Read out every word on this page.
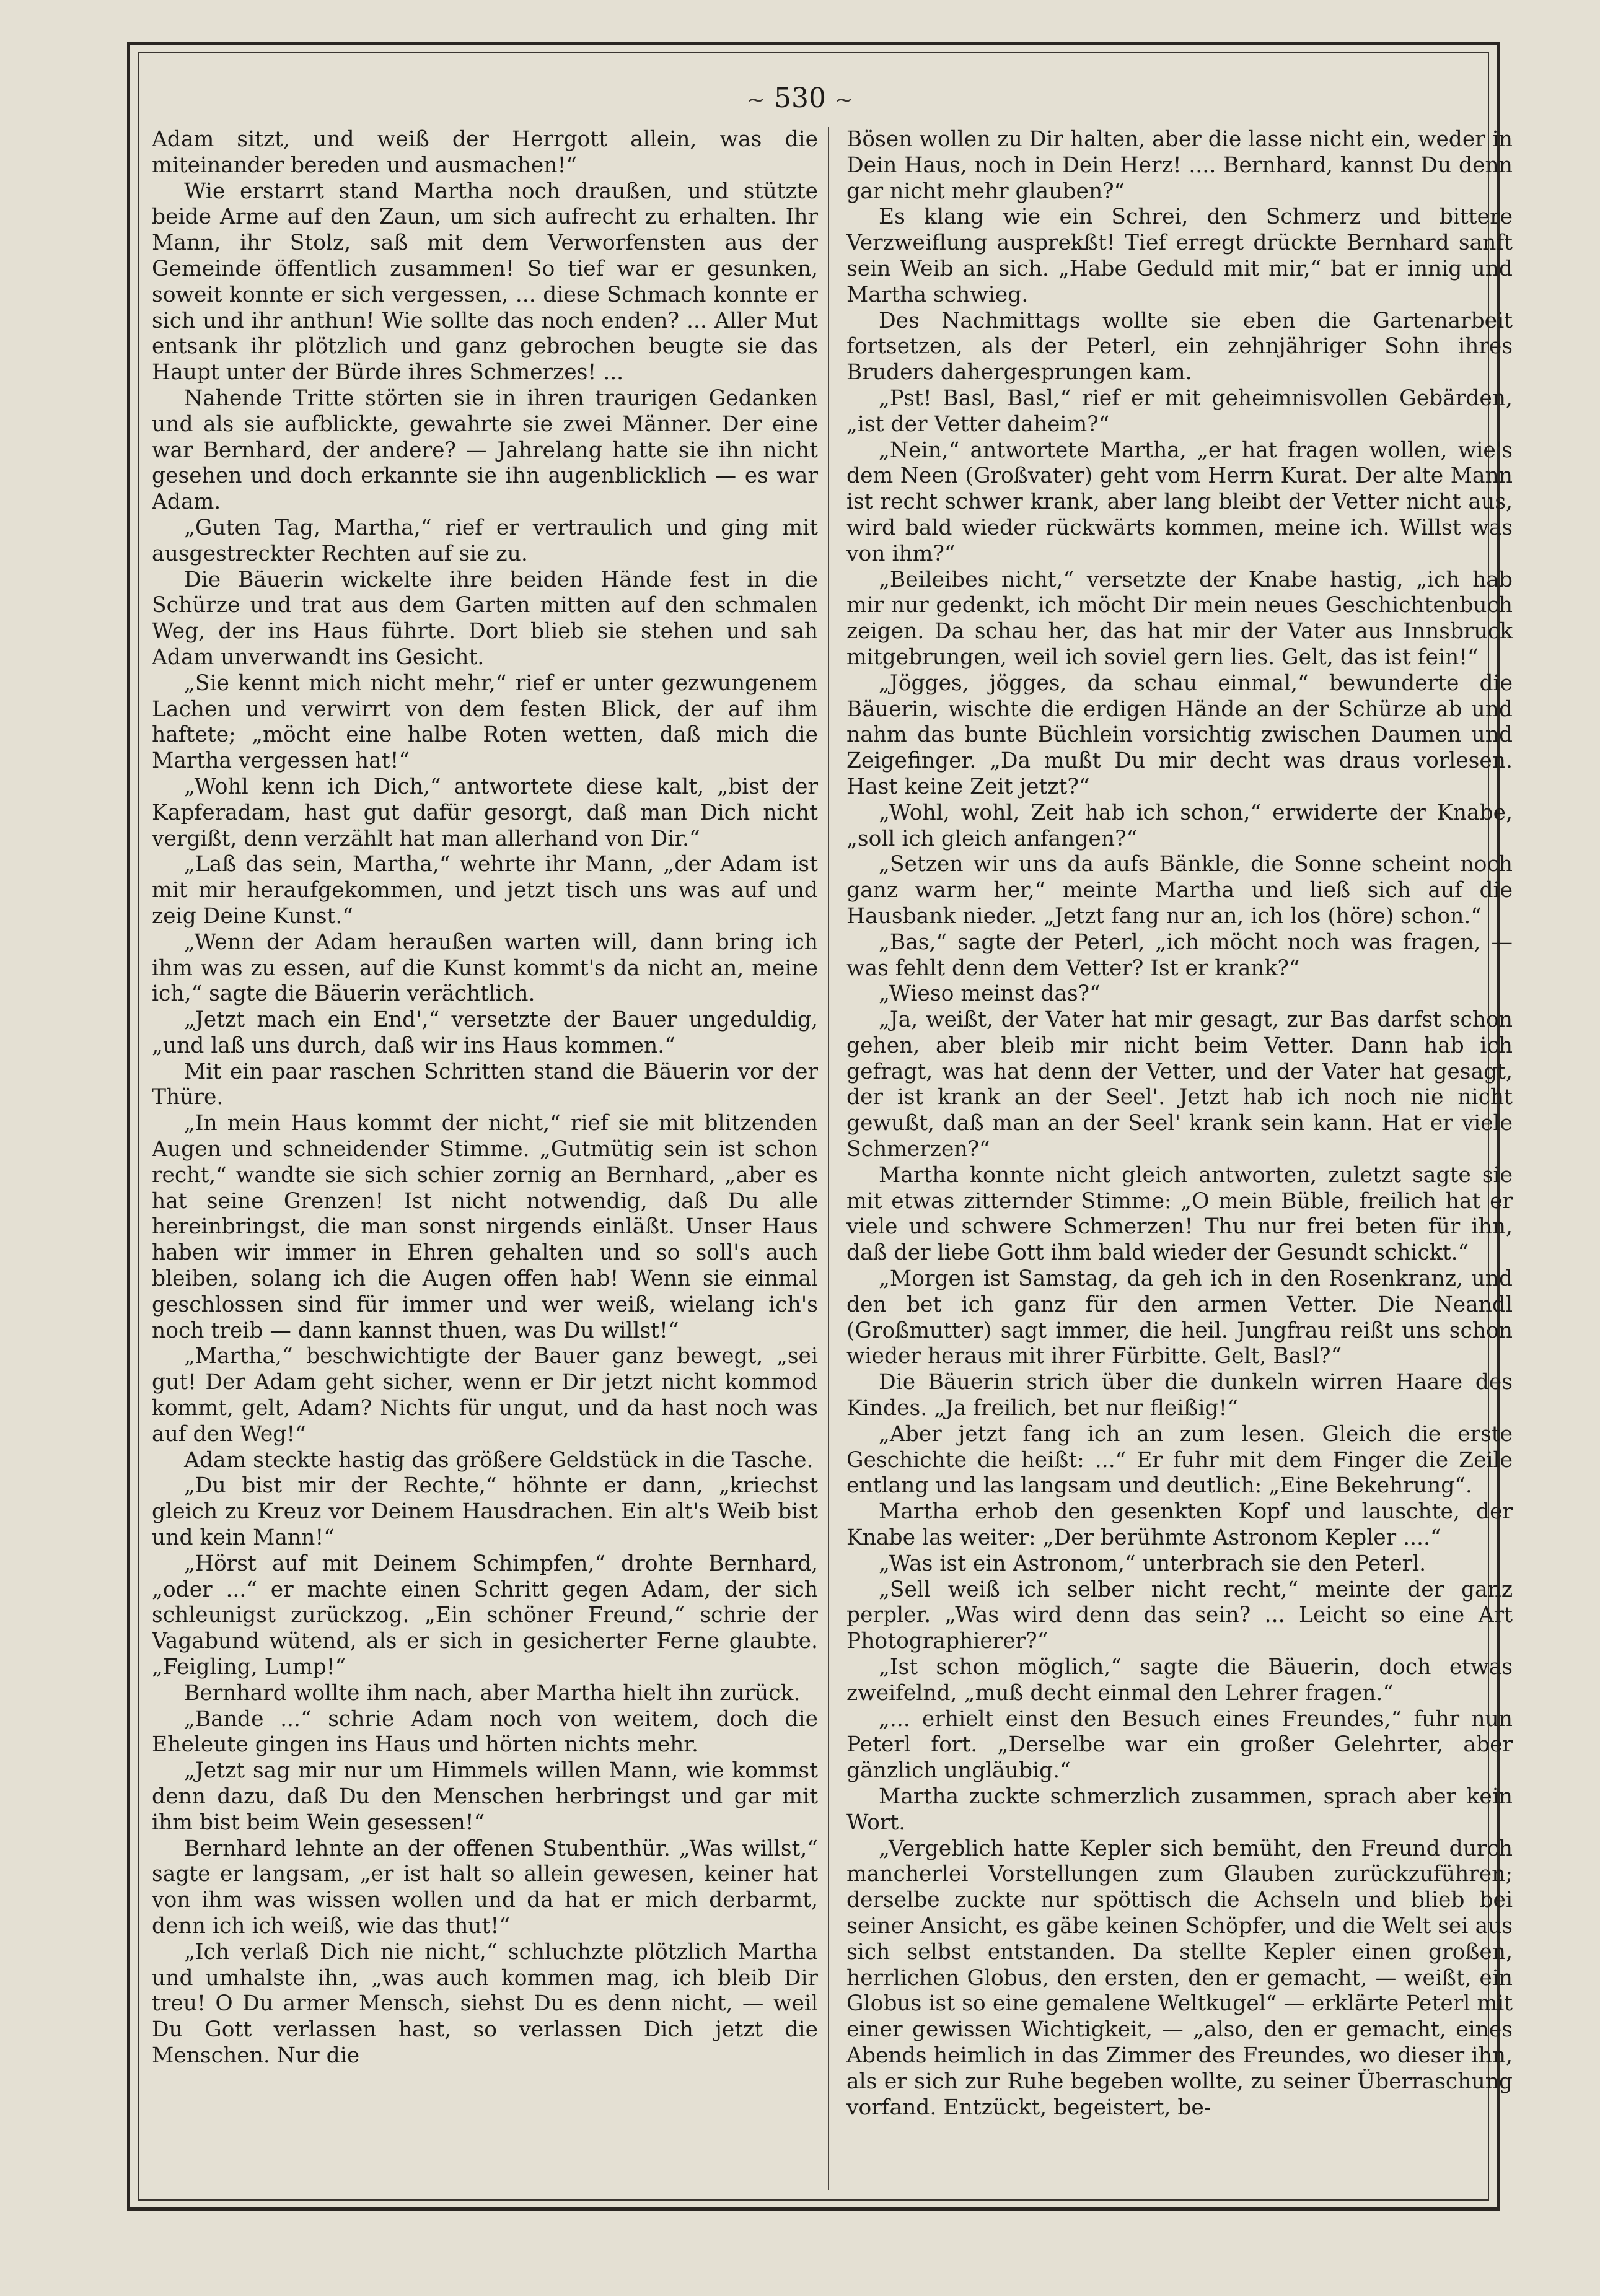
~ 530 ~

Adam sitzt, und weiß der Herrgott allein, was die miteinander bereden und ausmachen!“

Wie erstarrt stand Martha noch draußen, und stützte beide Arme auf den Zaun, um sich aufrecht zu erhalten. Ihr Mann, ihr Stolz, saß mit dem Verworfensten aus der Gemeinde öffentlich zusammen! So tief war er gesunken, soweit konnte er sich vergessen, ... diese Schmach konnte er sich und ihr anthun! Wie sollte das noch enden? ... Aller Mut entsank ihr plötzlich und ganz gebrochen beugte sie das Haupt unter der Bürde ihres Schmerzes! ...

Nahende Tritte störten sie in ihren traurigen Gedanken und als sie aufblickte, gewahrte sie zwei Männer. Der eine war Bernhard, der andere? — Jahrelang hatte sie ihn nicht gesehen und doch erkannte sie ihn augenblicklich — es war Adam.

„Guten Tag, Martha,“ rief er vertraulich und ging mit ausgestreckter Rechten auf sie zu.

Die Bäuerin wickelte ihre beiden Hände fest in die Schürze und trat aus dem Garten mitten auf den schmalen Weg, der ins Haus führte. Dort blieb sie stehen und sah Adam unverwandt ins Gesicht.

„Sie kennt mich nicht mehr,“ rief er unter gezwungenem Lachen und verwirrt von dem festen Blick, der auf ihm haftete; „möcht eine halbe Roten wetten, daß mich die Martha vergessen hat!“

„Wohl kenn ich Dich,“ antwortete diese kalt, „bist der Kapferadam, hast gut dafür gesorgt, daß man Dich nicht vergißt, denn verzählt hat man allerhand von Dir.“

„Laß das sein, Martha,“ wehrte ihr Mann, „der Adam ist mit mir heraufgekommen, und jetzt tisch uns was auf und zeig Deine Kunst.“

„Wenn der Adam heraußen warten will, dann bring ich ihm was zu essen, auf die Kunst kommt's da nicht an, meine ich,“ sagte die Bäuerin verächtlich.

„Jetzt mach ein End',“ versetzte der Bauer ungeduldig, „und laß uns durch, daß wir ins Haus kommen.“

Mit ein paar raschen Schritten stand die Bäuerin vor der Thüre.

„In mein Haus kommt der nicht,“ rief sie mit blitzenden Augen und schneidender Stimme. „Gutmütig sein ist schon recht,“ wandte sie sich schier zornig an Bernhard, „aber es hat seine Grenzen! Ist nicht notwendig, daß Du alle hereinbringst, die man sonst nirgends einläßt. Unser Haus haben wir immer in Ehren gehalten und so soll's auch bleiben, solang ich die Augen offen hab! Wenn sie einmal geschlossen sind für immer und wer weiß, wielang ich's noch treib — dann kannst thuen, was Du willst!“

„Martha,“ beschwichtigte der Bauer ganz bewegt, „sei gut! Der Adam geht sicher, wenn er Dir jetzt nicht kommod kommt, gelt, Adam? Nichts für ungut, und da hast noch was auf den Weg!“

Adam steckte hastig das größere Geldstück in die Tasche.

„Du bist mir der Rechte,“ höhnte er dann, „kriechst gleich zu Kreuz vor Deinem Hausdrachen. Ein alt's Weib bist und kein Mann!“

„Hörst auf mit Deinem Schimpfen,“ drohte Bernhard, „oder ...“ er machte einen Schritt gegen Adam, der sich schleunigst zurückzog. „Ein schöner Freund,“ schrie der Vagabund wütend, als er sich in gesicherter Ferne glaubte. „Feigling, Lump!“

Bernhard wollte ihm nach, aber Martha hielt ihn zurück.

„Bande ...“ schrie Adam noch von weitem, doch die Eheleute gingen ins Haus und hörten nichts mehr.

„Jetzt sag mir nur um Himmels willen Mann, wie kommst denn dazu, daß Du den Menschen herbringst und gar mit ihm bist beim Wein gesessen!“

Bernhard lehnte an der offenen Stubenthür. „Was willst,“ sagte er langsam, „er ist halt so allein gewesen, keiner hat von ihm was wissen wollen und da hat er mich derbarmt, denn ich ich weiß, wie das thut!“

„Ich verlaß Dich nie nicht,“ schluchzte plötzlich Martha und umhalste ihn, „was auch kommen mag, ich bleib Dir treu! O Du armer Mensch, siehst Du es denn nicht, — weil Du Gott verlassen hast, so verlassen Dich jetzt die Menschen. Nur die

Bösen wollen zu Dir halten, aber die lasse nicht ein, weder in Dein Haus, noch in Dein Herz! .... Bernhard, kannst Du denn gar nicht mehr glauben?“

Es klang wie ein Schrei, den Schmerz und bittere Verzweiflung ausprekßt! Tief erregt drückte Bernhard sanft sein Weib an sich. „Habe Geduld mit mir,“ bat er innig und Martha schwieg.

Des Nachmittags wollte sie eben die Gartenarbeit fortsetzen, als der Peterl, ein zehnjähriger Sohn ihres Bruders dahergesprungen kam.

„Pst! Basl, Basl,“ rief er mit geheimnisvollen Gebärden, „ist der Vetter daheim?“

„Nein,“ antwortete Martha, „er hat fragen wollen, wie's dem Neen (Großvater) geht vom Herrn Kurat. Der alte Mann ist recht schwer krank, aber lang bleibt der Vetter nicht aus, wird bald wieder rückwärts kommen, meine ich. Willst was von ihm?“

„Beileibes nicht,“ versetzte der Knabe hastig, „ich hab mir nur gedenkt, ich möcht Dir mein neues Geschichtenbuch zeigen. Da schau her, das hat mir der Vater aus Innsbruck mitgebrungen, weil ich soviel gern lies. Gelt, das ist fein!“

„Jögges, jögges, da schau einmal,“ bewunderte die Bäuerin, wischte die erdigen Hände an der Schürze ab und nahm das bunte Büchlein vorsichtig zwischen Daumen und Zeigefinger. „Da mußt Du mir decht was draus vorlesen. Hast keine Zeit jetzt?“

„Wohl, wohl, Zeit hab ich schon,“ erwiderte der Knabe, „soll ich gleich anfangen?“

„Setzen wir uns da aufs Bänkle, die Sonne scheint noch ganz warm her,“ meinte Martha und ließ sich auf die Hausbank nieder. „Jetzt fang nur an, ich los (höre) schon.“

„Bas,“ sagte der Peterl, „ich möcht noch was fragen, — was fehlt denn dem Vetter? Ist er krank?“

„Wieso meinst das?“

„Ja, weißt, der Vater hat mir gesagt, zur Bas darfst schon gehen, aber bleib mir nicht beim Vetter. Dann hab ich gefragt, was hat denn der Vetter, und der Vater hat gesagt, der ist krank an der Seel'. Jetzt hab ich noch nie nicht gewußt, daß man an der Seel' krank sein kann. Hat er viele Schmerzen?“

Martha konnte nicht gleich antworten, zuletzt sagte sie mit etwas zitternder Stimme: „O mein Büble, freilich hat er viele und schwere Schmerzen! Thu nur frei beten für ihn, daß der liebe Gott ihm bald wieder der Gesundt schickt.“

„Morgen ist Samstag, da geh ich in den Rosenkranz, und den bet ich ganz für den armen Vetter. Die Neandl (Großmutter) sagt immer, die heil. Jungfrau reißt uns schon wieder heraus mit ihrer Fürbitte. Gelt, Basl?“

Die Bäuerin strich über die dunkeln wirren Haare des Kindes. „Ja freilich, bet nur fleißig!“

„Aber jetzt fang ich an zum lesen. Gleich die erste Geschichte die heißt: ...“ Er fuhr mit dem Finger die Zeile entlang und las langsam und deutlich: „Eine Bekehrung“.

Martha erhob den gesenkten Kopf und lauschte, der Knabe las weiter: „Der berühmte Astronom Kepler ....“

„Was ist ein Astronom,“ unterbrach sie den Peterl.

„Sell weiß ich selber nicht recht,“ meinte der ganz perpler. „Was wird denn das sein? ... Leicht so eine Art Photographierer?“

„Ist schon möglich,“ sagte die Bäuerin, doch etwas zweifelnd, „muß decht einmal den Lehrer fragen.“

„... erhielt einst den Besuch eines Freundes,“ fuhr nun Peterl fort. „Derselbe war ein großer Gelehrter, aber gänzlich ungläubig.“

Martha zuckte schmerzlich zusammen, sprach aber kein Wort.

„Vergeblich hatte Kepler sich bemüht, den Freund durch mancherlei Vorstellungen zum Glauben zurückzuführen; derselbe zuckte nur spöttisch die Achseln und blieb bei seiner Ansicht, es gäbe keinen Schöpfer, und die Welt sei aus sich selbst entstanden. Da stellte Kepler einen großen, herrlichen Globus, den ersten, den er gemacht, — weißt, ein Globus ist so eine gemalene Weltkugel“ — erklärte Peterl mit einer gewissen Wichtigkeit, — „also, den er gemacht, eines Abends heimlich in das Zimmer des Freundes, wo dieser ihn, als er sich zur Ruhe begeben wollte, zu seiner Überraschung vorfand. Entzückt, begeistert, be-
